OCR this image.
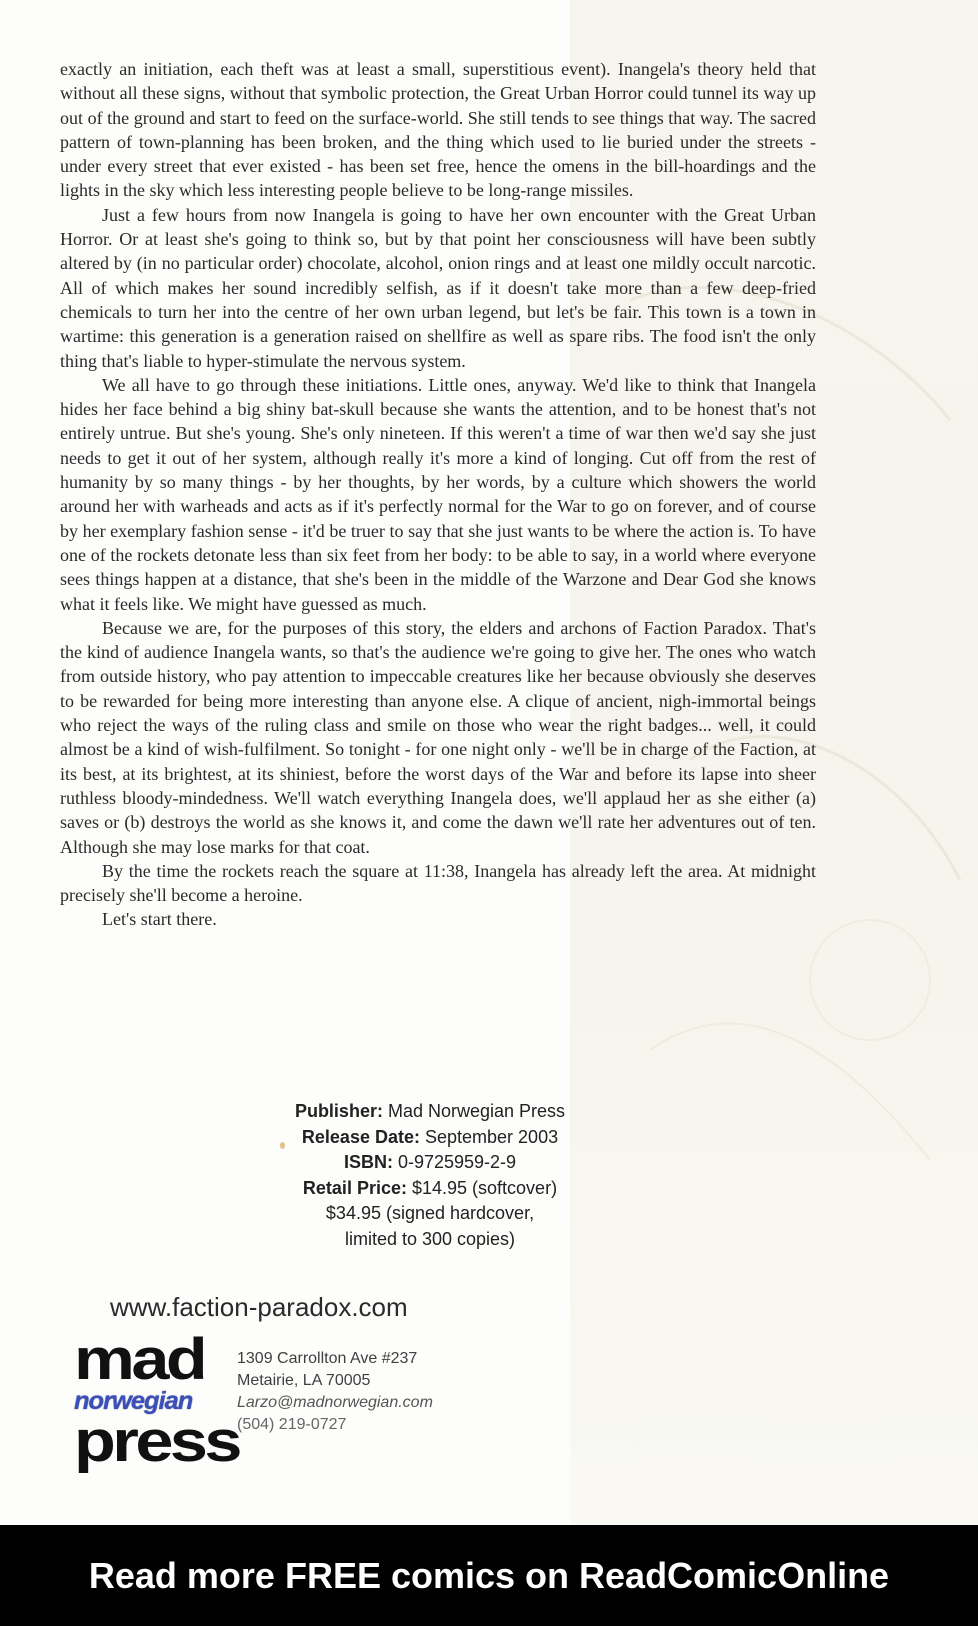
exactly an initiation, each theft was at least a small, superstitious event). Inangela's theory held that without all these signs, without that symbolic protection, the Great Urban Horror could tunnel its way up out of the ground and start to feed on the surface-world. She still tends to see things that way. The sacred pattern of town-planning has been broken, and the thing which used to lie buried under the streets - under every street that ever existed - has been set free, hence the omens in the bill-hoardings and the lights in the sky which less interesting people believe to be long-range missiles.

Just a few hours from now Inangela is going to have her own encounter with the Great Urban Horror. Or at least she's going to think so, but by that point her consciousness will have been subtly altered by (in no particular order) chocolate, alcohol, onion rings and at least one mildly occult narcotic. All of which makes her sound incredibly selfish, as if it doesn't take more than a few deep-fried chemicals to turn her into the centre of her own urban legend, but let's be fair. This town is a town in wartime: this generation is a generation raised on shellfire as well as spare ribs. The food isn't the only thing that's liable to hyper-stimulate the nervous system.

We all have to go through these initiations. Little ones, anyway. We'd like to think that Inangela hides her face behind a big shiny bat-skull because she wants the attention, and to be honest that's not entirely untrue. But she's young. She's only nineteen. If this weren't a time of war then we'd say she just needs to get it out of her system, although really it's more a kind of longing. Cut off from the rest of humanity by so many things - by her thoughts, by her words, by a culture which showers the world around her with warheads and acts as if it's perfectly normal for the War to go on forever, and of course by her exemplary fashion sense - it'd be truer to say that she just wants to be where the action is. To have one of the rockets detonate less than six feet from her body: to be able to say, in a world where everyone sees things happen at a distance, that she's been in the middle of the Warzone and Dear God she knows what it feels like. We might have guessed as much.

Because we are, for the purposes of this story, the elders and archons of Faction Paradox. That's the kind of audience Inangela wants, so that's the audience we're going to give her. The ones who watch from outside history, who pay attention to impeccable creatures like her because obviously she deserves to be rewarded for being more interesting than anyone else. A clique of ancient, nigh-immortal beings who reject the ways of the ruling class and smile on those who wear the right badges... well, it could almost be a kind of wish-fulfilment. So tonight - for one night only - we'll be in charge of the Faction, at its best, at its brightest, at its shiniest, before the worst days of the War and before its lapse into sheer ruthless bloody-mindedness. We'll watch everything Inangela does, we'll applaud her as she either (a) saves or (b) destroys the world as she knows it, and come the dawn we'll rate her adventures out of ten. Although she may lose marks for that coat.

By the time the rockets reach the square at 11:38, Inangela has already left the area. At midnight precisely she'll become a heroine.

Let's start there.

Publisher: Mad Norwegian Press
Release Date: September 2003
ISBN: 0-9725959-2-9
Retail Price: $14.95 (softcover)
$34.95 (signed hardcover,
limited to 300 copies)
www.faction-paradox.com
mad
norwegian
press
1309 Carrollton Ave #237
Metairie, LA 70005
Larzo@madnorwegian.com
(504) 219-0727
Read more FREE comics on ReadComicOnline
